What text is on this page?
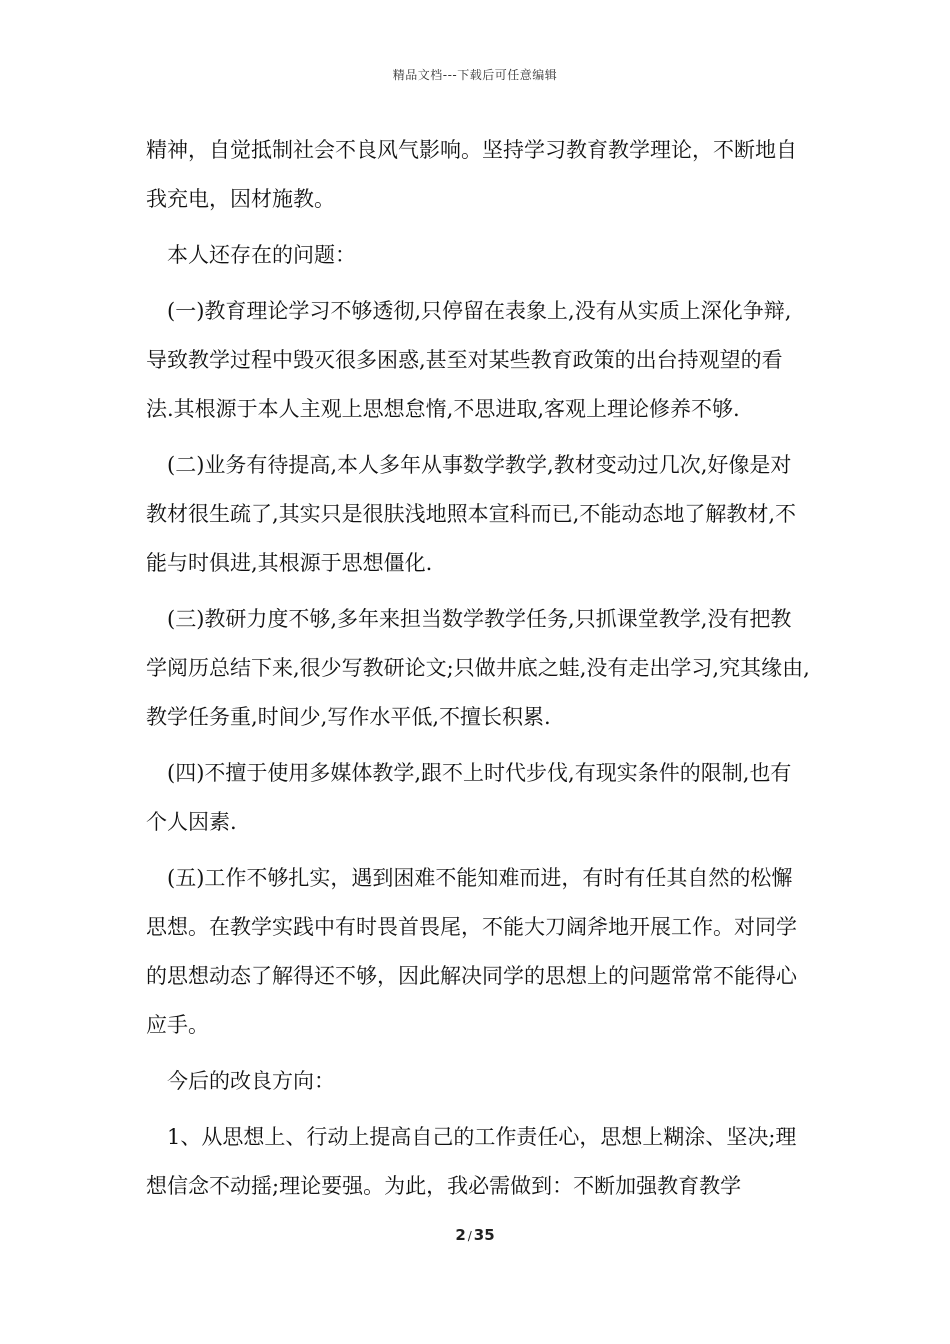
精品文档---下载后可任意编辑

精神，自觉抵制社会不良风气影响。坚持学习教育教学理论，不断地自我充电，因材施教。

本人还存在的问题：

(一)教育理论学习不够透彻,只停留在表象上,没有从实质上深化争辩,导致教学过程中毁灭很多困惑,甚至对某些教育政策的出台持观望的看法.其根源于本人主观上思想怠惰,不思进取,客观上理论修养不够.

(二)业务有待提高,本人多年从事数学教学,教材变动过几次,好像是对教材很生疏了,其实只是很肤浅地照本宣科而已,不能动态地了解教材,不能与时俱进,其根源于思想僵化.

(三)教研力度不够,多年来担当数学教学任务,只抓课堂教学,没有把教学阅历总结下来,很少写教研论文;只做井底之蛙,没有走出学习,究其缘由,教学任务重,时间少,写作水平低,不擅长积累.

(四)不擅于使用多媒体教学,跟不上时代步伐,有现实条件的限制,也有个人因素.

(五)工作不够扎实，遇到困难不能知难而进，有时有任其自然的松懈思想。在教学实践中有时畏首畏尾，不能大刀阔斧地开展工作。对同学的思想动态了解得还不够，因此解决同学的思想上的问题常常不能得心应手。

今后的改良方向：

1、从思想上、行动上提高自己的工作责任心，思想上糊涂、坚决;理想信念不动摇;理论要强。为此，我必需做到：不断加强教育教学

2 / 35
